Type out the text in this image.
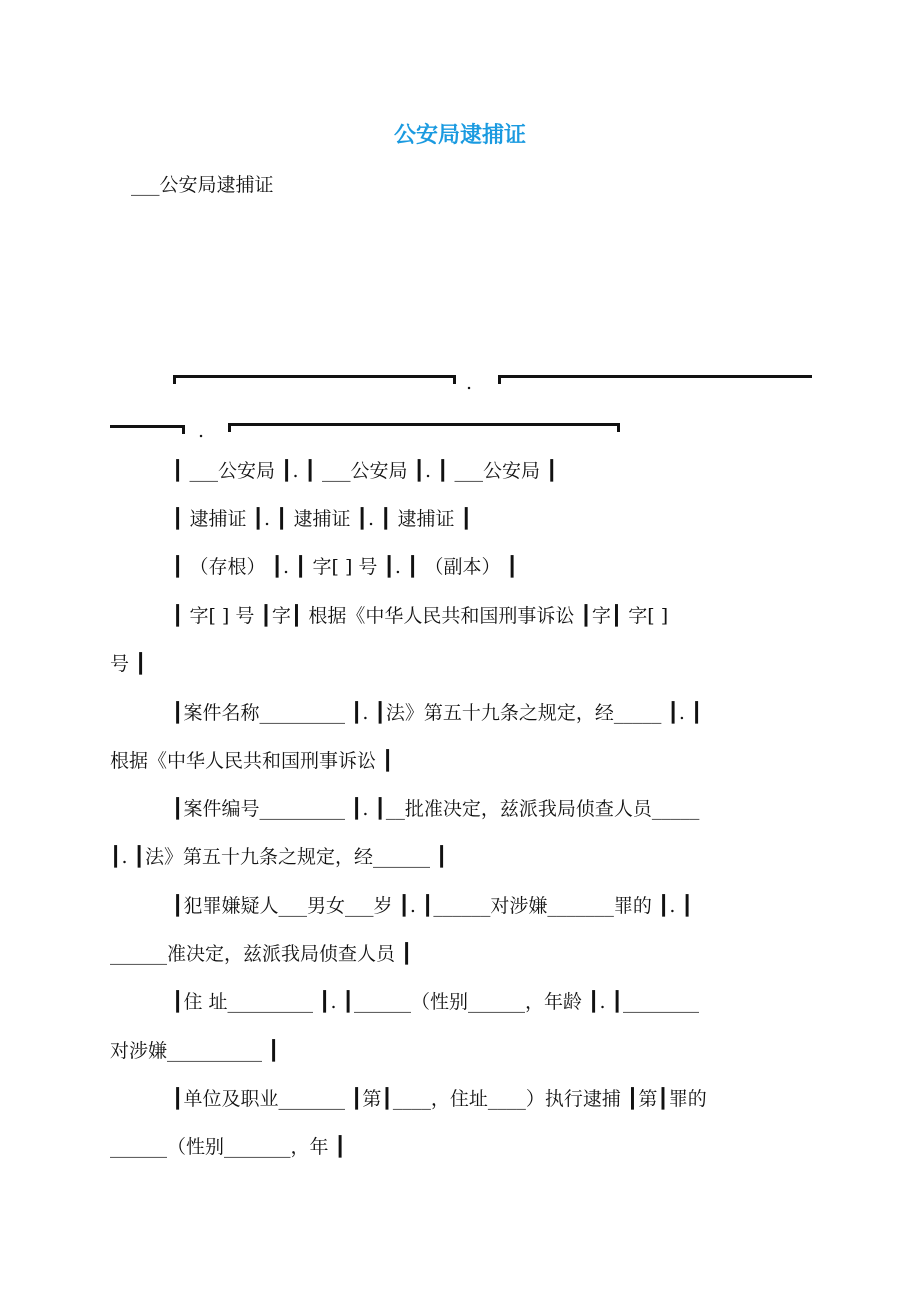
公安局逮捕证
___公安局逮捕证
.
.
┃ ___公安局 ┃. ┃ ___公安局 ┃. ┃ ___公安局 ┃
┃ 逮捕证 ┃. ┃ 逮捕证 ┃. ┃ 逮捕证 ┃
┃ （存根） ┃. ┃ 字[ ] 号 ┃. ┃ （副本） ┃
┃ 字[ ] 号 ┃字┃ 根据《中华人民共和国刑事诉讼 ┃字┃ 字[ ]
号 ┃
┃案件名称_________ ┃. ┃法》第五十九条之规定，经_____ ┃. ┃
根据《中华人民共和国刑事诉讼 ┃
┃案件编号_________ ┃. ┃__批准决定，兹派我局侦查人员_____
┃. ┃法》第五十九条之规定，经______ ┃
┃犯罪嫌疑人___男女___岁 ┃. ┃______对涉嫌_______罪的 ┃. ┃
______准决定，兹派我局侦查人员 ┃
┃住 址_________ ┃. ┃______（性别______，年龄 ┃. ┃________
对涉嫌__________ ┃
┃单位及职业_______ ┃第┃____，住址____）执行逮捕 ┃第┃罪的
______（性别_______，年 ┃
